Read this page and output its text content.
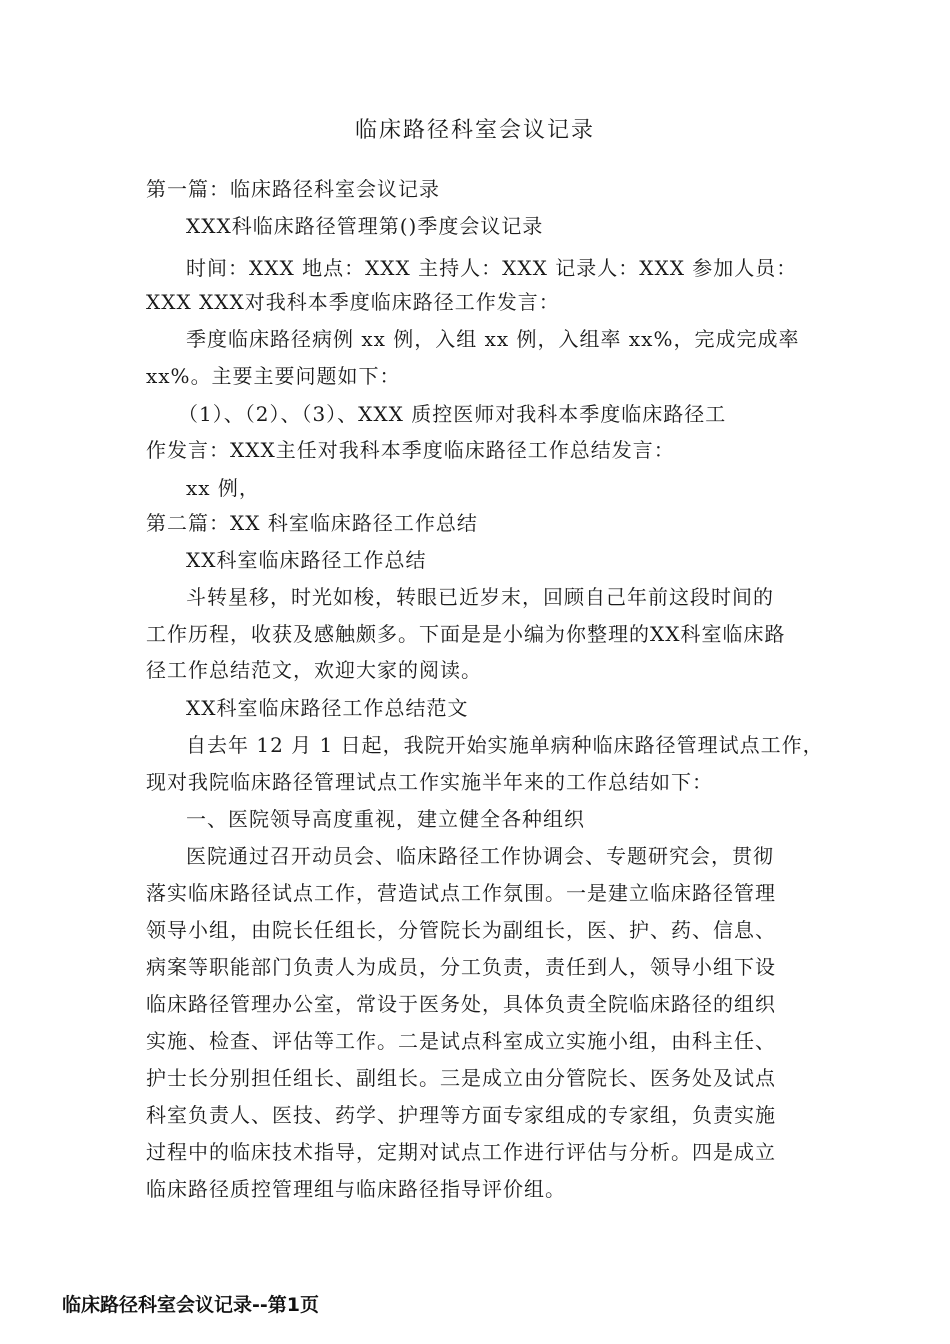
临床路径科室会议记录
第一篇：临床路径科室会议记录
XXX科临床路径管理第()季度会议记录
时间：XXX 地点：XXX 主持人：XXX 记录人：XXX 参加人员：
XXX XXX对我科本季度临床路径工作发言：
季度临床路径病例 xx 例，入组 xx 例，入组率 xx%，完成完成率
xx%。主要主要问题如下：
（1）、（2）、（3）、XXX 质控医师对我科本季度临床路径工
作发言：XXX主任对我科本季度临床路径工作总结发言：
xx 例，
第二篇：XX 科室临床路径工作总结
XX科室临床路径工作总结
斗转星移，时光如梭，转眼已近岁末，回顾自己年前这段时间的
工作历程，收获及感触颇多。下面是是小编为你整理的XX科室临床路
径工作总结范文，欢迎大家的阅读。
XX科室临床路径工作总结范文
自去年 12 月 1 日起，我院开始实施单病种临床路径管理试点工作，
现对我院临床路径管理试点工作实施半年来的工作总结如下：
一、医院领导高度重视，建立健全各种组织
医院通过召开动员会、临床路径工作协调会、专题研究会，贯彻
落实临床路径试点工作，营造试点工作氛围。一是建立临床路径管理
领导小组，由院长任组长，分管院长为副组长，医、护、药、信息、
病案等职能部门负责人为成员，分工负责，责任到人，领导小组下设
临床路径管理办公室，常设于医务处，具体负责全院临床路径的组织
实施、检查、评估等工作。二是试点科室成立实施小组，由科主任、
护士长分别担任组长、副组长。三是成立由分管院长、医务处及试点
科室负责人、医技、药学、护理等方面专家组成的专家组，负责实施
过程中的临床技术指导，定期对试点工作进行评估与分析。四是成立
临床路径质控管理组与临床路径指导评价组。
临床路径科室会议记录--第1页
